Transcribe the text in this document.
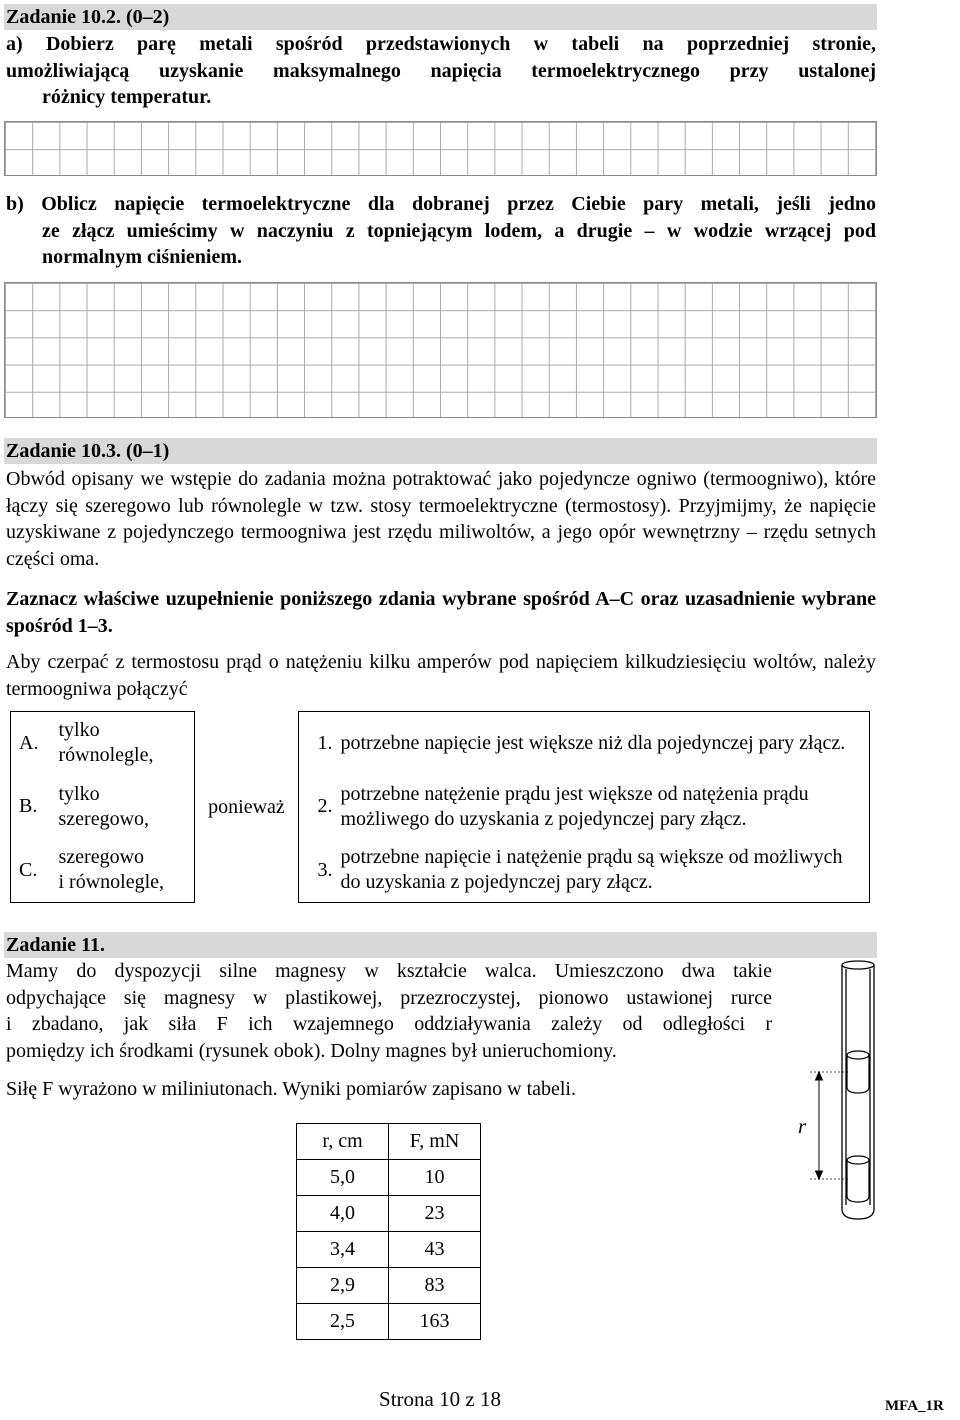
Zadanie 10.2. (0–2)
a) Dobierz parę metali spośród przedstawionych w tabeli na poprzedniej stronie,
umożliwiającą uzyskanie maksymalnego napięcia termoelektrycznego przy ustalonej
różnicy temperatur.
b) Oblicz napięcie termoelektryczne dla dobranej przez Ciebie pary metali, jeśli jedno
ze złącz umieścimy w naczyniu z topniejącym lodem, a drugie – w wodzie wrzącej pod
normalnym ciśnieniem.
Zadanie 10.3. (0–1)
Obwód opisany we wstępie do zadania można potraktować jako pojedyncze ogniwo (termoogniwo), które łączy się szeregowo lub równolegle w tzw. stosy termoelektryczne (termostosy). Przyjmijmy, że napięcie uzyskiwane z pojedynczego termoogniwa jest rzędu miliwoltów, a jego opór wewnętrzny – rzędu setnych części oma.
Zaznacz właściwe uzupełnienie poniższego zdania wybrane spośród A–C oraz uzasadnienie wybrane spośród 1–3.
Aby czerpać z termostosu prąd o natężeniu kilku amperów pod napięciem kilkudziesięciu woltów, należy termoogniwa połączyć
A.	tylko
równolegle,	ponieważ	1.	potrzebne napięcie jest większe niż dla pojedynczej pary złącz.
B.	tylko
szeregowo,		2.	potrzebne natężenie prądu jest większe od natężenia prądu możliwego do uzyskania z pojedynczej pary złącz.
C.	szeregowo
i równolegle,		3.	potrzebne napięcie i natężenie prądu są większe od możliwych do uzyskania z pojedynczej pary złącz.
Zadanie 11.
Mamy do dyspozycji silne magnesy w kształcie walca. Umieszczono dwa takie
odpychające się magnesy w plastikowej, przezroczystej, pionowo ustawionej rurce
i zbadano, jak siła F ich wzajemnego oddziaływania zależy od odległości r
pomiędzy ich środkami (rysunek obok). Dolny magnes był unieruchomiony.
Siłę F wyrażono w miliniutonach. Wyniki pomiarów zapisano w tabeli.
r, cm	F, mN
5,0	10
4,0	23
3,4	43
2,9	83
2,5	163
r
Strona 10 z 18	MFA_1R
